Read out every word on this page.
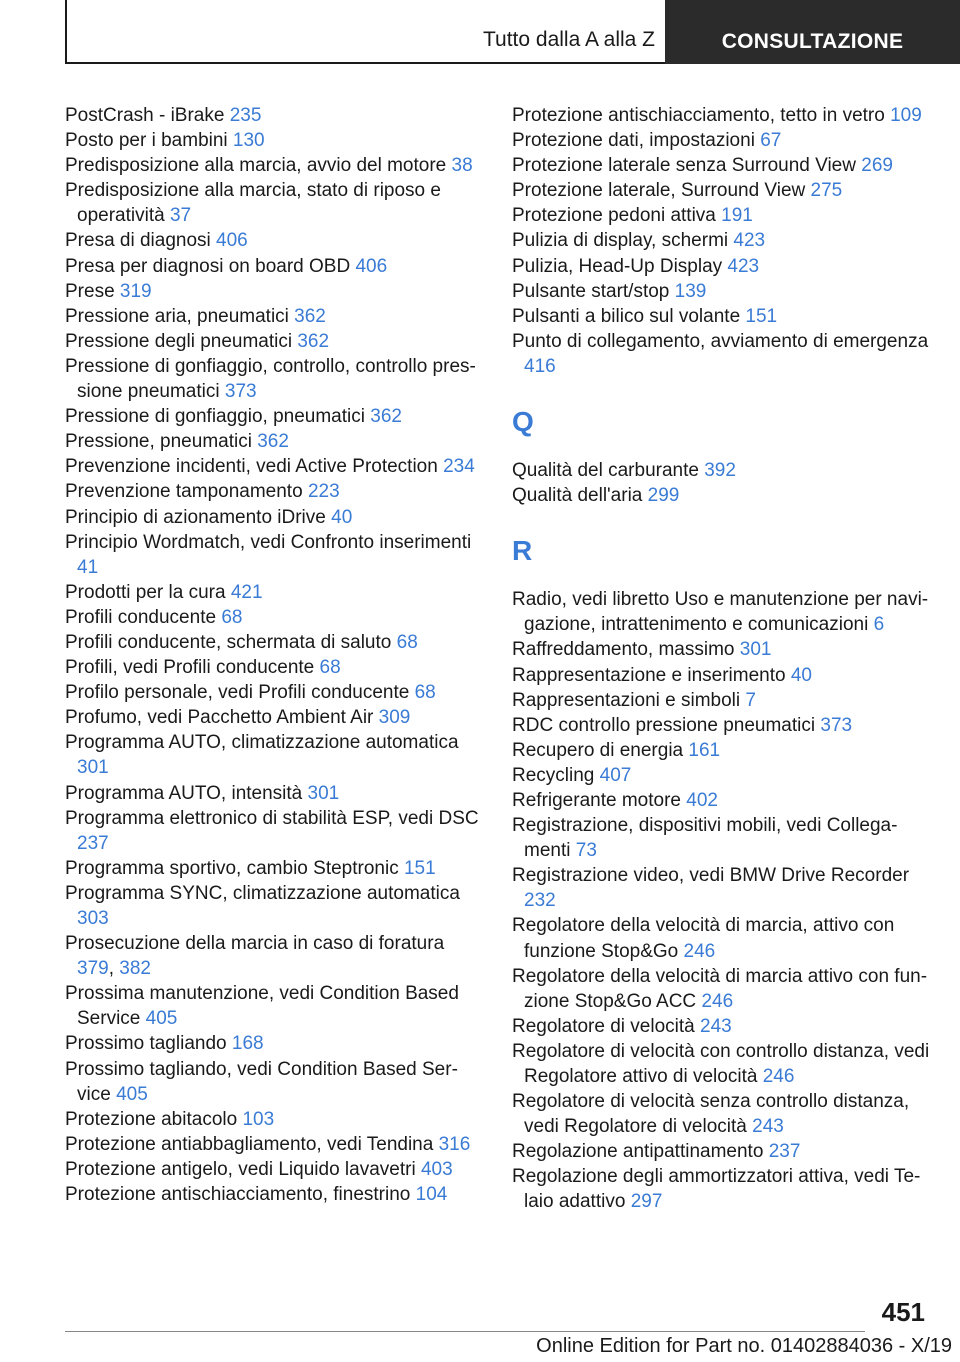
Tutto dalla A alla Z	CONSULTAZIONE
PostCrash - iBrake 235
Posto per i bambini 130
Predisposizione alla marcia, avvio del motore 38
Predisposizione alla marcia, stato di riposo e operatività 37
Presa di diagnosi 406
Presa per diagnosi on board OBD 406
Prese 319
Pressione aria, pneumatici 362
Pressione degli pneumatici 362
Pressione di gonfiaggio, controllo, controllo pressione pneumatici 373
Pressione di gonfiaggio, pneumatici 362
Pressione, pneumatici 362
Prevenzione incidenti, vedi Active Protection 234
Prevenzione tamponamento 223
Principio di azionamento iDrive 40
Principio Wordmatch, vedi Confronto inserimenti 41
Prodotti per la cura 421
Profili conducente 68
Profili conducente, schermata di saluto 68
Profili, vedi Profili conducente 68
Profilo personale, vedi Profili conducente 68
Profumo, vedi Pacchetto Ambient Air 309
Programma AUTO, climatizzazione automatica 301
Programma AUTO, intensità 301
Programma elettronico di stabilità ESP, vedi DSC 237
Programma sportivo, cambio Steptronic 151
Programma SYNC, climatizzazione automatica 303
Prosecuzione della marcia in caso di foratura 379, 382
Prossima manutenzione, vedi Condition Based Service 405
Prossimo tagliando 168
Prossimo tagliando, vedi Condition Based Service 405
Protezione abitacolo 103
Protezione antiabbagliamento, vedi Tendina 316
Protezione antigelo, vedi Liquido lavavetri 403
Protezione antischiacciamento, finestrino 104
Protezione antischiacciamento, tetto in vetro 109
Protezione dati, impostazioni 67
Protezione laterale senza Surround View 269
Protezione laterale, Surround View 275
Protezione pedoni attiva 191
Pulizia di display, schermi 423
Pulizia, Head-Up Display 423
Pulsante start/stop 139
Pulsanti a bilico sul volante 151
Punto di collegamento, avviamento di emergenza 416
Q
Qualità del carburante 392
Qualità dell'aria 299
R
Radio, vedi libretto Uso e manutenzione per navigazione, intrattenimento e comunicazioni 6
Raffreddamento, massimo 301
Rappresentazione e inserimento 40
Rappresentazioni e simboli 7
RDC controllo pressione pneumatici 373
Recupero di energia 161
Recycling 407
Refrigerante motore 402
Registrazione, dispositivi mobili, vedi Collegamenti 73
Registrazione video, vedi BMW Drive Recorder 232
Regolatore della velocità di marcia, attivo con funzione Stop&Go 246
Regolatore della velocità di marcia attivo con funzione Stop&Go ACC 246
Regolatore di velocità 243
Regolatore di velocità con controllo distanza, vedi Regolatore attivo di velocità 246
Regolatore di velocità senza controllo distanza, vedi Regolatore di velocità 243
Regolazione antipattinamento 237
Regolazione degli ammortizzatori attiva, vedi Telaio adattivo 297
451
Online Edition for Part no. 01402884036 - X/19
